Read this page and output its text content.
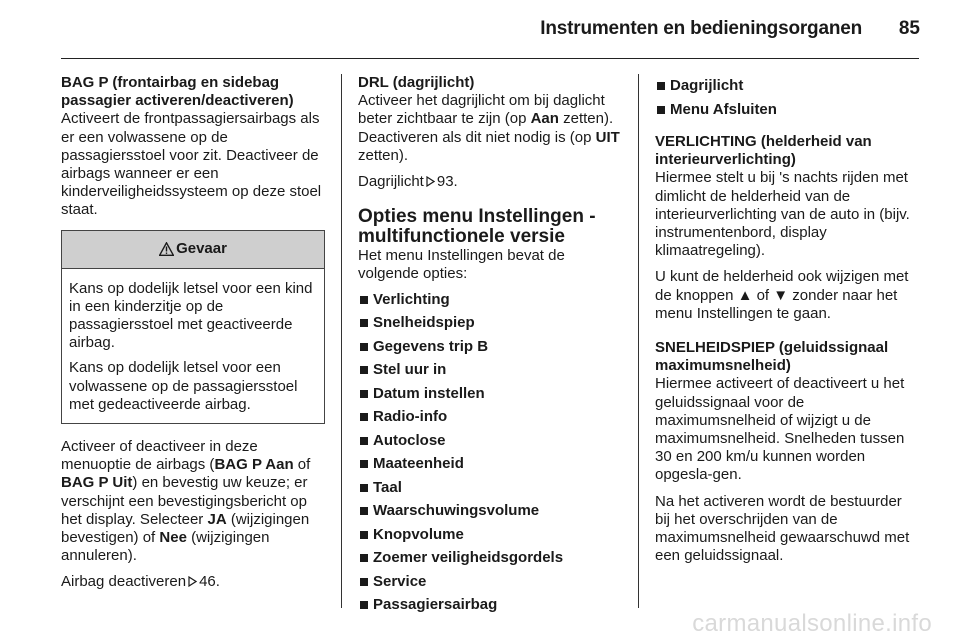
Instrumenten en bedieningsorganen 85

BAG P (frontairbag en sidebag passagier activeren/deactiveren)

Activeert de frontpassagiersairbags als er een volwassene op de passagiersstoel voor zit. Deactiveer de airbags wanneer er een kinderveiligheidssysteem op deze stoel staat.

Gevaar

Kans op dodelijk letsel voor een kind in een kinderzitje op de passagiersstoel met geactiveerde airbag.

Kans op dodelijk letsel voor een volwassene op de passagiersstoel met gedeactiveerde airbag.

Activeer of deactiveer in deze menuoptie de airbags (BAG P Aan of BAG P Uit) en bevestig uw keuze; er verschijnt een bevestigingsbericht op het display. Selecteer JA (wijzigingen bevestigen) of Nee (wijzigingen annuleren).

Airbag deactiveren 46.

DRL (dagrijlicht)

Activeer het dagrijlicht om bij daglicht beter zichtbaar te zijn (op Aan zetten). Deactiveren als dit niet nodig is (op UIT zetten).

Dagrijlicht 93.

Opties menu Instellingen - multifunctionele versie

Het menu Instellingen bevat de volgende opties:

Verlichting
Snelheidspiep
Gegevens trip B
Stel uur in
Datum instellen
Radio-info
Autoclose
Maateenheid
Taal
Waarschuwingsvolume
Knopvolume
Zoemer veiligheidsgordels
Service
Passagiersairbag
Dagrijlicht
Menu Afsluiten

VERLICHTING (helderheid van interieurverlichting)

Hiermee stelt u bij 's nachts rijden met dimlicht de helderheid van de interieurverlichting van de auto in (bijv. instrumentenbord, display klimaatregeling).

U kunt de helderheid ook wijzigen met de knoppen ▲ of ▼ zonder naar het menu Instellingen te gaan.

SNELHEIDSPIEP (geluidssignaal maximumsnelheid)

Hiermee activeert of deactiveert u het geluidssignaal voor de maximumsnelheid of wijzigt u de maximumsnelheid. Snelheden tussen 30 en 200 km/u kunnen worden opgesla-gen.

Na het activeren wordt de bestuurder bij het overschrijden van de maximumsnelheid gewaarschuwd met een geluidssignaal.

carmanualsonline.info
